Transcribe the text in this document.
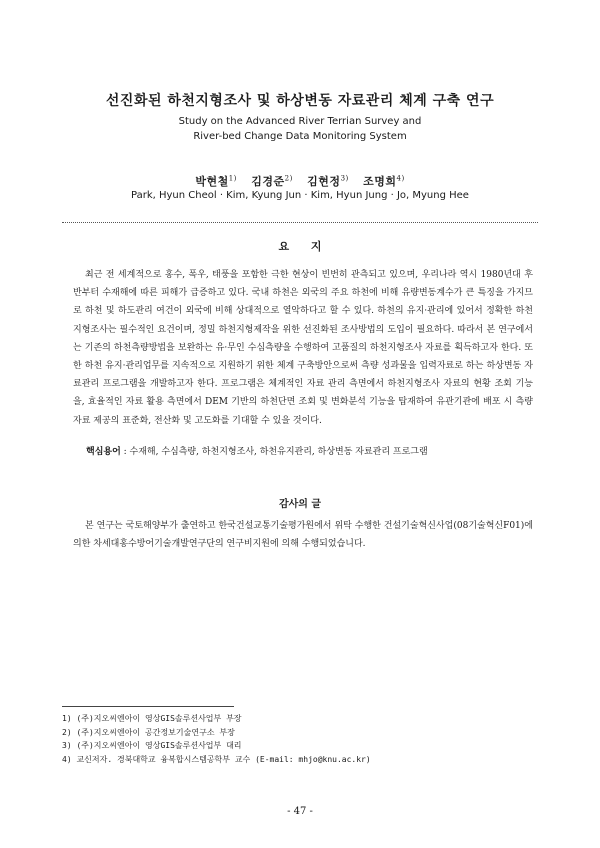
선진화된 하천지형조사 및 하상변동 자료관리 체계 구축 연구
Study on the Advanced River Terrian Survey and
River-bed Change Data Monitoring System
박현철$^{1)}$ 김경준$^{2)}$ 김현정$^{3)}$ 조명희$^{4)}$
Park, Hyun Cheol · Kim, Kyung Jun · Kim, Hyun Jung · Jo, Myung Hee
요 지

최근 전 세계적으로 홍수, 폭우, 태풍을 포함한 극한 현상이 빈번히 관측되고 있으며, 우리나라 역시 1980년대 후반부터 수재해에 따른 피해가 급증하고 있다. 국내 하천은 외국의 주요 하천에 비해 유량변동계수가 큰 특징을 가지므로 하천 및 하도관리 여건이 외국에 비해 상대적으로 열악하다고 할 수 있다. 하천의 유지·관리에 있어서 정확한 하천지형조사는 필수적인 요건이며, 정밀 하천지형제작을 위한 선진화된 조사방법의 도입이 필요하다. 따라서 본 연구에서는 기존의 하천측량방법을 보완하는 유·무인 수심측량을 수행하여 고품질의 하천지형조사 자료를 획득하고자 한다. 또한 하천 유지·관리업무를 지속적으로 지원하기 위한 체계 구축방안으로써 측량 성과물을 입력자료로 하는 하상변동 자료관리 프로그램을 개발하고자 한다. 프로그램은 체계적인 자료 관리 측면에서 하천지형조사 자료의 현황 조회 기능을, 효율적인 자료 활용 측면에서 DEM 기반의 하천단면 조회 및 변화분석 기능을 탑재하여 유관기관에 배포 시 측량자료 제공의 표준화, 전산화 및 고도화를 기대할 수 있을 것이다.

핵심용어 : 수재해, 수심측량, 하천지형조사, 하천유지관리, 하상변동 자료관리 프로그램
감사의 글

본 연구는 국토해양부가 출연하고 한국건설교통기술평가원에서 위탁 수행한 건설기술혁신사업(08기술혁신F01)에 의한 차세대홍수방어기술개발연구단의 연구비지원에 의해 수행되었습니다.

1) (주)지오씨엔아이 영상GIS솔루션사업부 부장
2) (주)지오씨엔아이 공간정보기술연구소 부장
3) (주)지오씨엔아이 영상GIS솔루션사업부 대리
4) 교신저자. 경북대학교 융복합시스템공학부 교수 (E-mail: mhjo@knu.ac.kr)
- 47 -
